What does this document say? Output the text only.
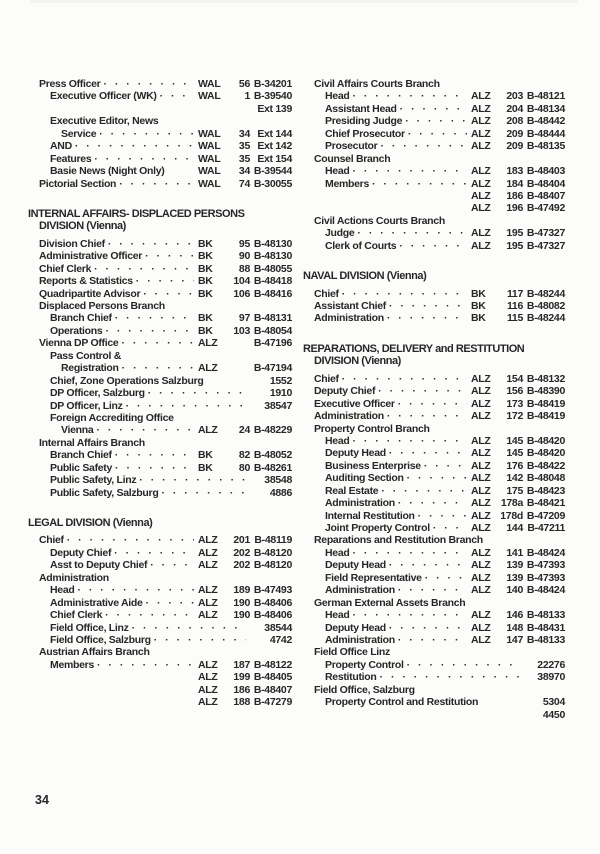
Press Officer · · ·	WAL 56 B-34201
Executive Officer (WK) · · ·	WAL 1 B-39540
Ext 139
Executive Editor, News
Service · · ·	WAL 34 Ext 144
AND · · ·	WAL 35 Ext 142
Features · · ·	WAL 35 Ext 154
Basie News (Night Only)	WAL 34 B-39544
Pictorial Section · · ·	WAL 74 B-30055
INTERNAL AFFAIRS- DISPLACED PERSONS
DIVISION (Vienna)
Division Chief · · ·	BK	95 B-48130
Administrative Officer · · ·	BK	90 B-48130
Chief Clerk · · ·	BK	88 B-48055
Reports & Statistics · · ·	BK 104 B-48418
Quadripartite Advisor · · ·	BK 106 B-48416
Displaced Persons Branch
Branch Chief · · ·	BK	97 B-48131
Operations · · ·	BK 103 B-48054
Vienna DP Office · · ·	ALZ	B-47196
Pass Control &
Registration · · ·	ALZ	B-47194
Chief, Zone Operations Salzburg	1552
DP Officer, Salzburg · · ·	1910
DP Officer, Linz · · ·	38547
Foreign Accrediting Office
Vienna · · ·	ALZ 24 B-48229
Internal Affairs Branch
Branch Chief · · ·	BK	82 B-48052
Public Safety · · ·	BK	80 B-48261
Public Safety, Linz · · ·	38548
Public Safety, Salzburg · · ·	4886
LEGAL DIVISION (Vienna)
Chief · · ·	ALZ 201 B-48119
Deputy Chief · · ·	ALZ 202 B-48120
Asst to Deputy Chief · · ·	ALZ 202 B-48120
Administration
Head · · ·	ALZ 189 B-47493
Administrative Aide · · ·	ALZ 190 B-48406
Chief Clerk · · ·	ALZ 190 B-48406
Field Office, Linz · · ·	38544
Field Office, Salzburg · · ·	4742
Austrian Affairs Branch
Members · · ·	ALZ 187 B-48122
ALZ 199 B-48405
ALZ 186 B-48407
ALZ 188 B-47279
Civil Affairs Courts Branch
Head · · ·	ALZ 203 B-48121
Assistant Head · · ·	ALZ 204 B-48134
Presiding Judge · · ·	ALZ 208 B-48442
Chief Prosecutor · · ·	ALZ 209 B-48444
Prosecutor · · ·	ALZ 209 B-48135
Counsel Branch
Head · · ·	ALZ 183 B-48403
Members · · ·	ALZ 184 B-48404
ALZ 186 B-48407
ALZ 196 B-47492
Civil Actions Courts Branch
Judge · · ·	ALZ 195 B-47327
Clerk of Courts · · ·	ALZ 195 B-47327
NAVAL DIVISION (Vienna)
Chief · · ·	BK 117 B-48244
Assistant Chief · · ·	BK 116 B-48082
Administration · · ·	BK 115 B-48244
REPARATIONS, DELIVERY and RESTITUTION
DIVISION (Vienna)
Chief · · ·	ALZ 154 B-48132
Deputy Chief · · ·	ALZ 156 B-48390
Executive Officer · · ·	ALZ 173 B-48419
Administration · · ·	ALZ 172 B-48419
Property Control Branch
Head · · ·	ALZ 145 B-48420
Deputy Head · · ·	ALZ 145 B-48420
Business Enterprise · · ·	ALZ 176 B-48422
Auditing Section · · ·	ALZ 142 B-48048
Real Estate · · ·	ALZ 175 B-48423
Administration · · ·	ALZ 178a B-48421
Internal Restitution · · ·	ALZ 178d B-47209
Joint Property Control · · ·	ALZ 144 B-47211
Reparations and Restitution Branch
Head · · ·	ALZ 141 B-48424
Deputy Head · · ·	ALZ 139 B-47393
Field Representative · · ·	ALZ 139 B-47393
Administration · · ·	ALZ 140 B-48424
German External Assets Branch
Head · · ·	ALZ 146 B-48133
Deputy Head · · ·	ALZ 148 B-48431
Administration · · ·	ALZ 147 B-48133
Field Office Linz
Property Control · · ·	22276
Restitution · · ·	38970
Field Office, Salzburg
Property Control and Restitution	5304
4450
34
